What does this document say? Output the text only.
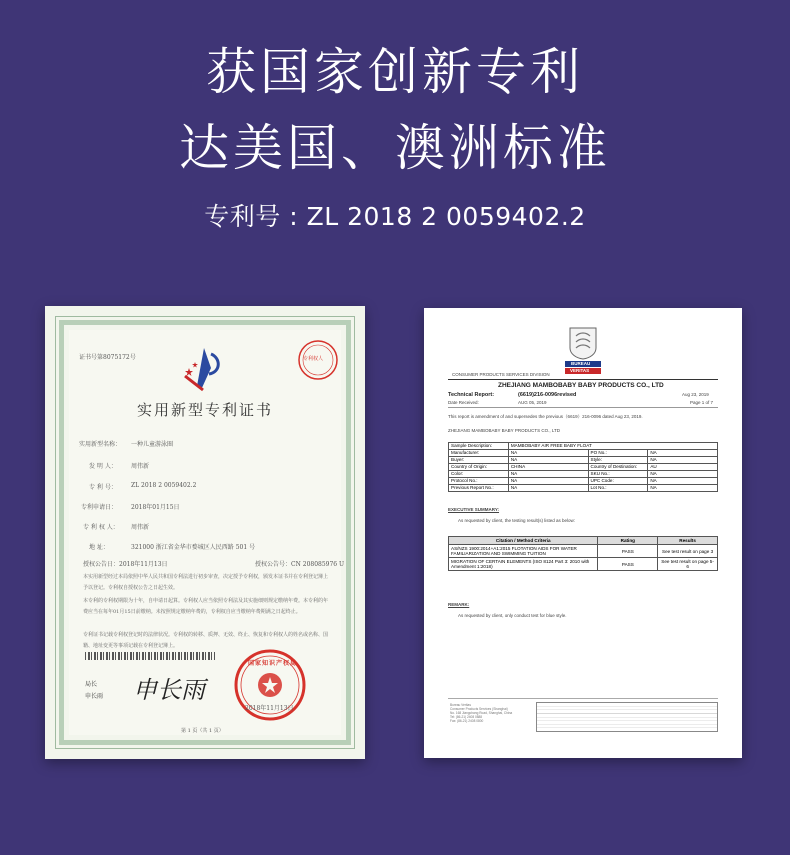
获国家创新专利
达美国、澳洲标准
专利号 : ZL 2018 2 0059402.2
证书号第8075172号	专利权人
实用新型专利证书
实用新型名称： 一种儿童游泳圈
发 明 人： 周伟新
专 利 号： ZL 2018 2 0059402.2
专利申请日： 2018年01月15日
专 利 权 人： 周伟新
地 址：	321000 浙江省金华市婺城区人民西路 501 号
授权公告日：2018年11月13日	授权公告号：CN 208085976 U
本实用新型经过本局依照中华人民共和国专利法进行初步审查，决定授予专利权，颁发本证书并在专利登记簿上予以登记。专利权自授权公告之日起生效。
本专利的专利权期限为十年，自申请日起算。专利权人应当依照专利法及其实施细则规定缴纳年费。本专利的年费应当在每年01月15日前缴纳。未按照规定缴纳年费的，专利权自应当缴纳年费期满之日起终止。
专利证书记载专利权登记时的法律状况。专利权的转移、质押、无效、终止、恢复和专利权人的姓名或名称、国籍、地址变更等事项记载在专利登记簿上。
局长
申长雨 申长雨
国家知识产权局
2018年11月13日
第 1 页（共 1 页）
BUREAU
VERITAS
CONSUMER PRODUCTS SERVICES DIVISION
ZHEJIANG MAMBOBABY BABY PRODUCTS CO., LTD
Technical Report:	(6619)216-0096revised	Aug 23, 2019
Date Received:	AUG 05, 2019	Page 1 of 7
This report is amendment of and supersedes the previous（6619）216-0096 dated Aug 23, 2019.
ZHEJIANG MAMBOBABY BABY PRODUCTS CO., LTD
Sample Description:	MAMBOBABY AIR FREE BABY FLOAT		
Manufacturer:	NA	PO No.:	NA
Buyer:	NA	Style:	NA
Country of Origin:	CHINA	Country of Destination:	AU
Color:	NA	SKU No.:	NA
Protocol No.:	NA	UPC Code:	NA
Previous Report No.:	NA	Lot No.:	NA
EXECUTIVE SUMMARY:
As requested by client, the testing result(s) listed as below:
Citation / Method Criteria	Rating	Results
AS/NZS 1900:2014+A1:2015 FLOTATION AIDS FOR WATER FAMILIARIZATION AND SWIMMING TUITION	PASS	See test result on page 3
MIGRATION OF CERTAIN ELEMENTS (ISO 8124 Part 3: 2010 with Amendment 1:2018)	PASS	See test result on page 5-6
REMARK:
As requested by client, only conduct test for blue style.
Bureau Veritas
Consumer Products Services (Shanghai)
No. 168 Jiangchang Road, Shanghai, China
Tel: (86-21) 2408 0888
Fax: (86-21) 2408 0800
